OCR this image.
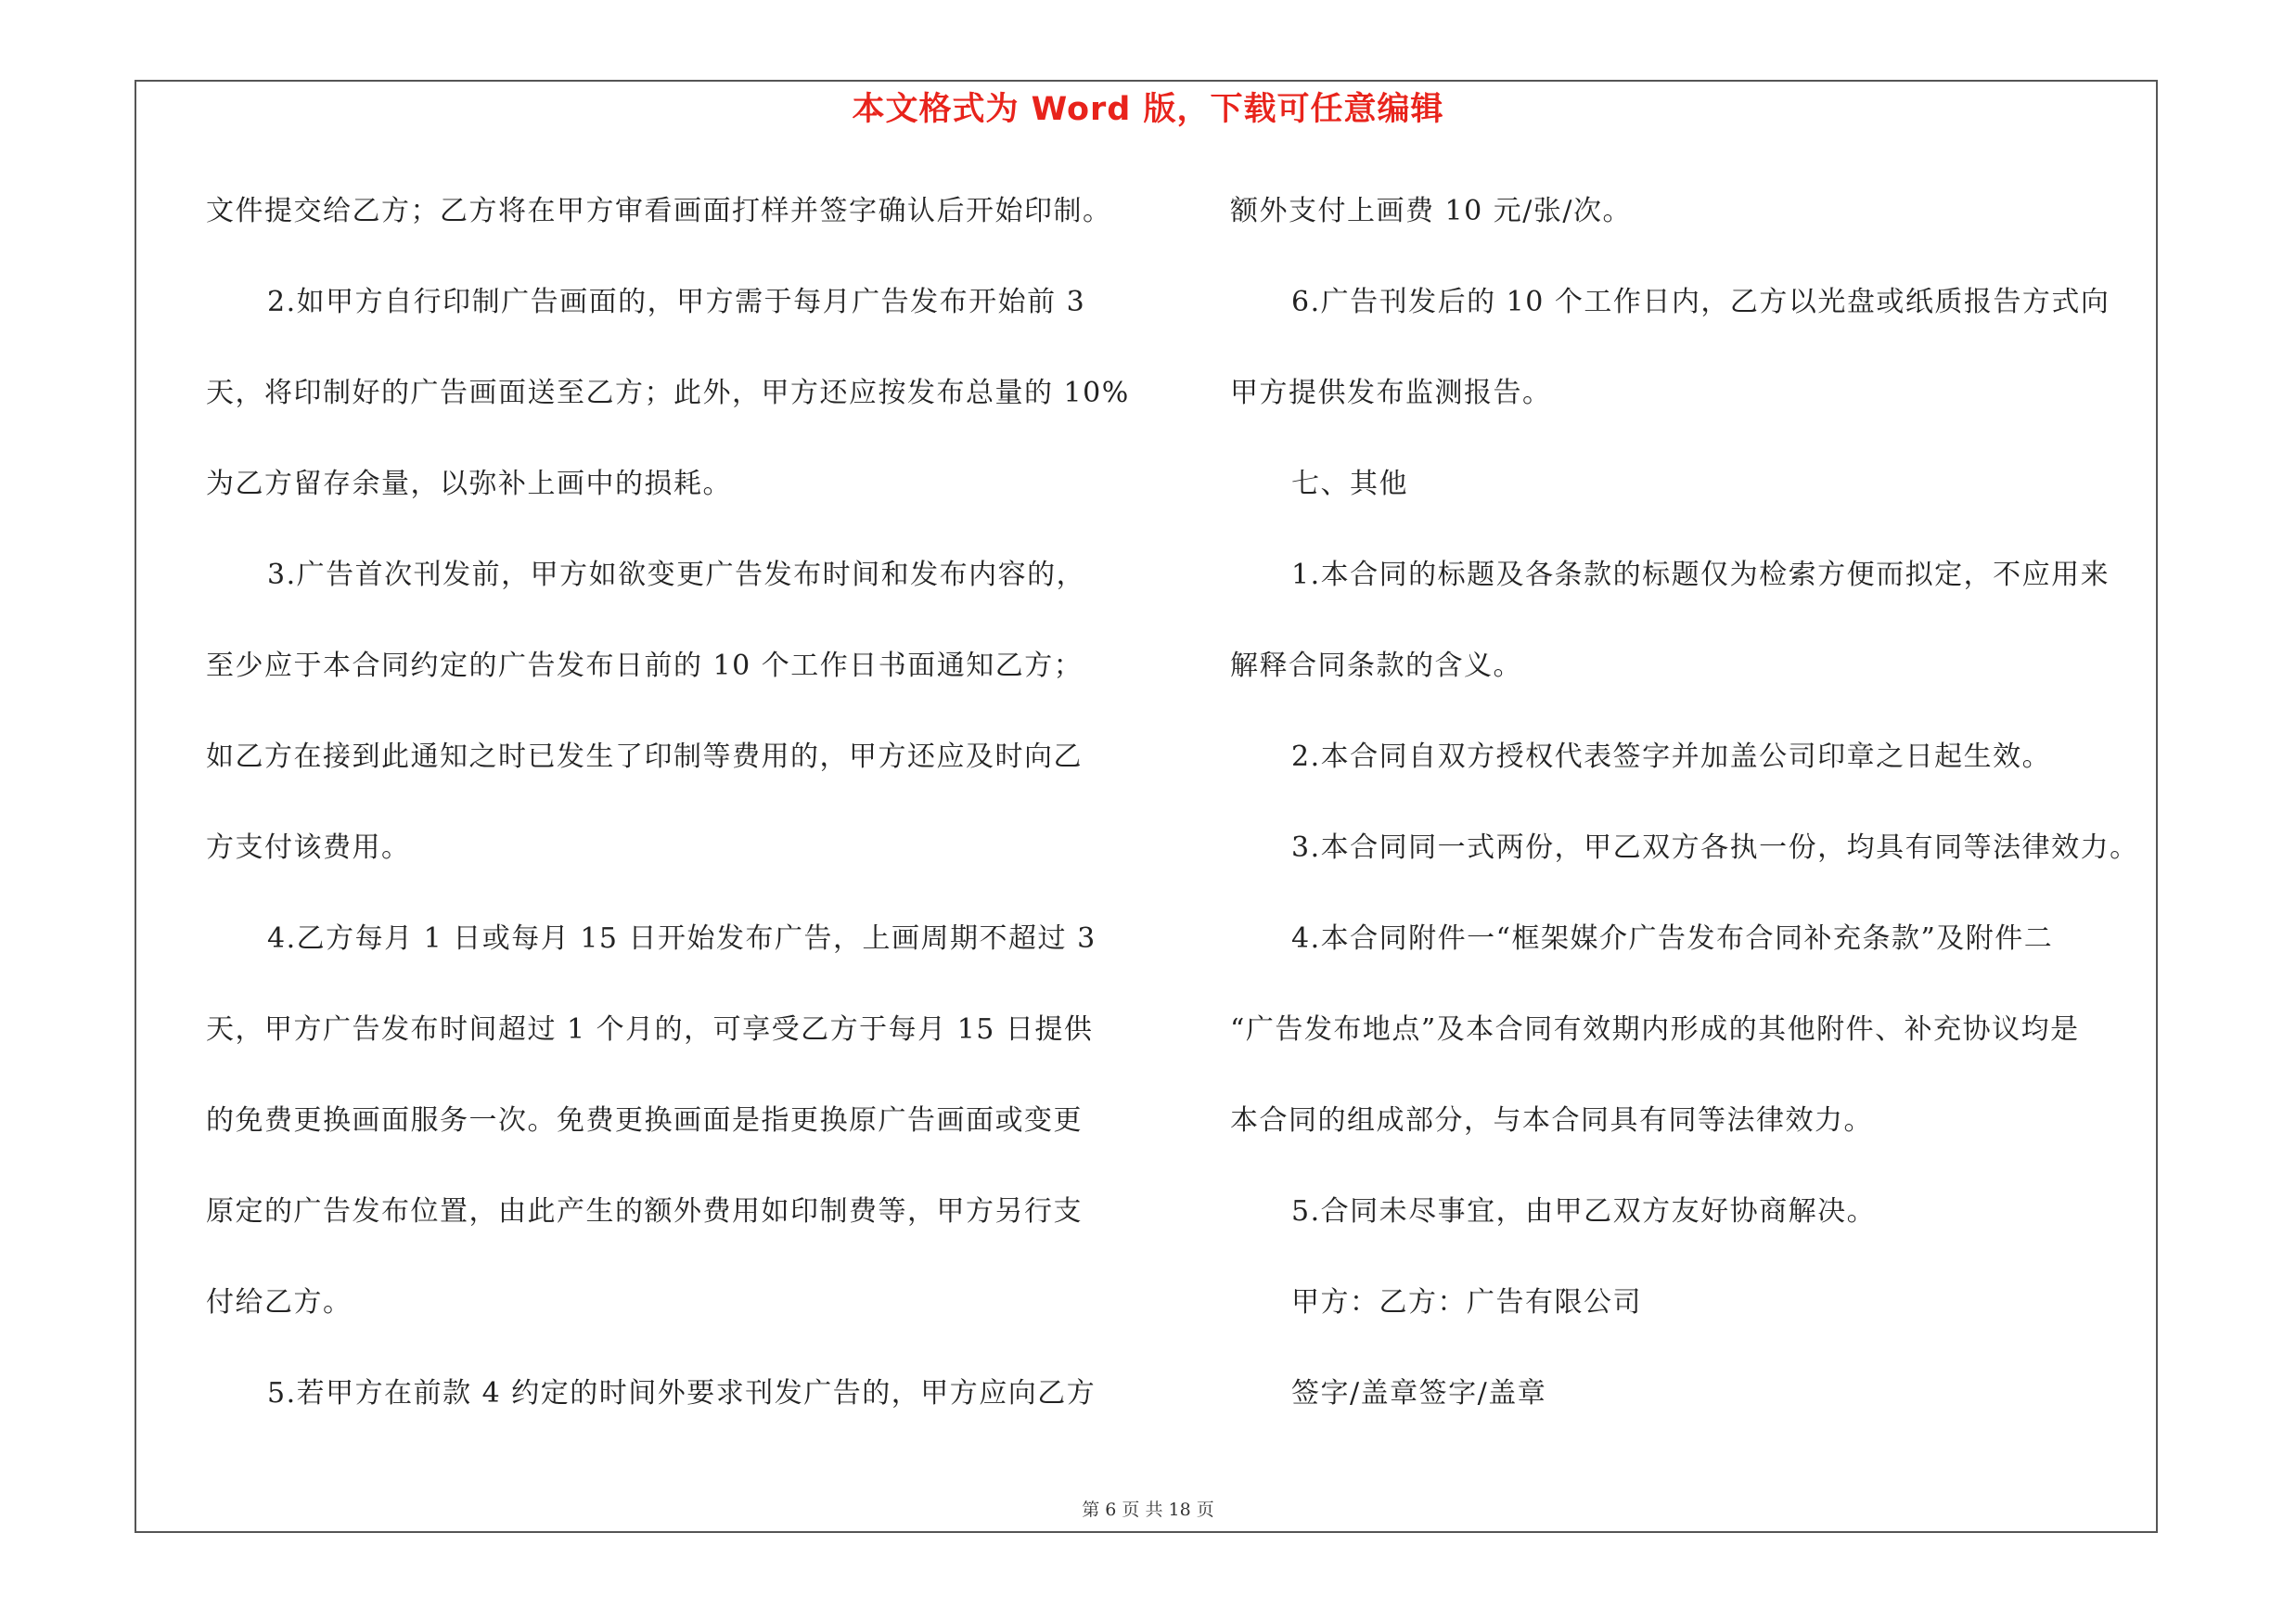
本文格式为 Word 版，下载可任意编辑
文件提交给乙方；乙方将在甲方审看画面打样并签字确认后开始印制。
2.如甲方自行印制广告画面的，甲方需于每月广告发布开始前 3
天，将印制好的广告画面送至乙方；此外，甲方还应按发布总量的 10%
为乙方留存余量，以弥补上画中的损耗。
3.广告首次刊发前，甲方如欲变更广告发布时间和发布内容的，
至少应于本合同约定的广告发布日前的 10 个工作日书面通知乙方；
如乙方在接到此通知之时已发生了印制等费用的，甲方还应及时向乙
方支付该费用。
4.乙方每月 1 日或每月 15 日开始发布广告，上画周期不超过 3
天，甲方广告发布时间超过 1 个月的，可享受乙方于每月 15 日提供
的免费更换画面服务一次。免费更换画面是指更换原广告画面或变更
原定的广告发布位置，由此产生的额外费用如印制费等，甲方另行支
付给乙方。
5.若甲方在前款 4 约定的时间外要求刊发广告的，甲方应向乙方
额外支付上画费 10 元/张/次。
6.广告刊发后的 10 个工作日内，乙方以光盘或纸质报告方式向
甲方提供发布监测报告。
七、其他
1.本合同的标题及各条款的标题仅为检索方便而拟定，不应用来
解释合同条款的含义。
2.本合同自双方授权代表签字并加盖公司印章之日起生效。
3.本合同同一式两份，甲乙双方各执一份，均具有同等法律效力。
4.本合同附件一“框架媒介广告发布合同补充条款”及附件二
“广告发布地点”及本合同有效期内形成的其他附件、补充协议均是
本合同的组成部分，与本合同具有同等法律效力。
5.合同未尽事宜，由甲乙双方友好协商解决。
甲方：乙方：广告有限公司
签字/盖章签字/盖章
第 6 页 共 18 页
